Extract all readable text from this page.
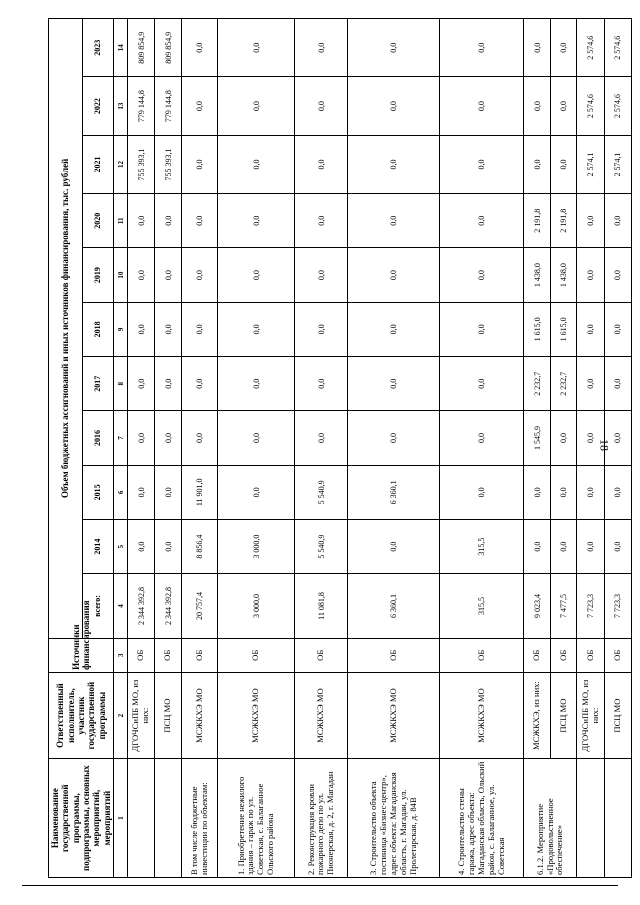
18
Наименование государственной программы, подпрограммы, основных мероприятий, мероприятий	Ответственный исполнитель, участник государственной программы	Источники финансирования	Объем бюджетных ассигнований и иных источников финансирования, тыс. рублей										
			всего:	2014	2015	2016	2017	2018	2019	2020	2021	2022	2023
1	2	3	4	5	6	7	8	9	10	11	12	13	14
	ДГОЧСиПБ МО, из них:	ОБ	2 344 392,8	0,0	0,0	0,0	0,0	0,0	0,0	0,0	755 393,1	779 144,8	809 854,9
	ПСЦ МО	ОБ	2 344 392,8	0,0	0,0	0,0	0,0	0,0	0,0	0,0	755 393,1	779 144,8	809 854,9
В том числе бюджетные инвестиции по объектам:	МСЖКХЭ МО	ОБ	20 757,4	8 856,4	11 901,0	0,0	0,0	0,0	0,0	0,0	0,0	0,0	0,0
1. Приобретение нежилого здания – гараж по ул. Советская, с. Балаганное Ольского района	МСЖКХЭ МО	ОБ	3 000,0	3 000,0	0,0	0,0	0,0	0,0	0,0	0,0	0,0	0,0	0,0
2. Реконструкция кровли пожарного депо по ул. Пионерская, д. 2, г. Магадан	МСЖКХЭ МО	ОБ	11 081,8	5 540,9	5 540,9	0,0	0,0	0,0	0,0	0,0	0,0	0,0	0,0
3. Строительство объекта гостиница «Бизнес-центр», адрес объекта: Магаданская область, г. Магадан, ул. Пролетарская, д. 84В	МСЖКХЭ МО	ОБ	6 360,1	0,0	6 360,1	0,0	0,0	0,0	0,0	0,0	0,0	0,0	0,0
4. Строительство стены гаража, адрес объекта: Магаданская область, Ольский район, с. Балаганное, ул. Советская	МСЖКХЭ МО	ОБ	315,5	315,5	0,0	0,0	0,0	0,0	0,0	0,0	0,0	0,0	0,0
6.1.2. Мероприятие «Продовольственное обеспечение»	МСЖКХЭ, из них:	ОБ	9 023,4	0,0	0,0	1 545,9	2 232,7	1 615,0	1 438,0	2 191,8	0,0	0,0	0,0
	ПСЦ МО	ОБ	7 477,5	0,0	0,0	0,0	2 232,7	1 615,0	1 438,0	2 191,8	0,0	0,0	0,0
	ДГОЧСиПБ МО, из них:	ОБ	7 723,3	0,0	0,0	0,0	0,0	0,0	0,0	0,0	2 574,1	2 574,6	2 574,6
	ПСЦ МО	ОБ	7 723,3	0,0	0,0	0,0	0,0	0,0	0,0	0,0	2 574,1	2 574,6	2 574,6
